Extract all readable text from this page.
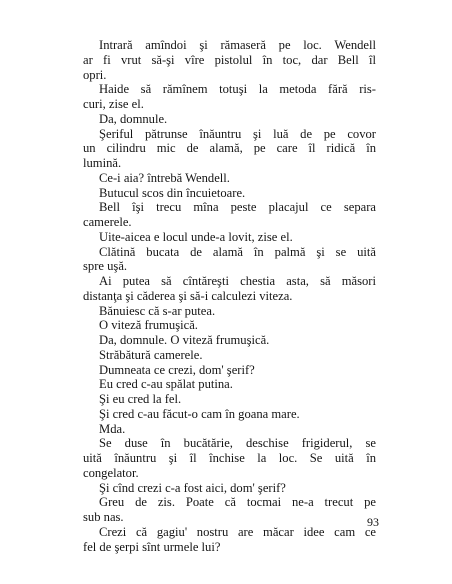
Intrară amîndoi şi rămaseră pe loc. Wendell
ar fi vrut să-şi vîre pistolul în toc, dar Bell îl
opri.
Haide să rămînem totuşi la metoda fără ris-
curi, zise el.
Da, domnule.
Şeriful pătrunse înăuntru şi luă de pe covor
un cilindru mic de alamă, pe care îl ridică în
lumină.
Ce-i aia? întrebă Wendell.
Butucul scos din încuietoare.
Bell îşi trecu mîna peste placajul ce separa
camerele.
Uite-aicea e locul unde-a lovit, zise el.
Clătină bucata de alamă în palmă şi se uită
spre uşă.
Ai putea să cîntăreşti chestia asta, să măsori
distanţa şi căderea şi să-i calculezi viteza.
Bănuiesc că s-ar putea.
O viteză frumuşică.
Da, domnule. O viteză frumuşică.
Străbătură camerele.
Dumneata ce crezi, dom' şerif?
Eu cred c-au spălat putina.
Şi eu cred la fel.
Şi cred c-au făcut-o cam în goana mare.
Mda.
Se duse în bucătărie, deschise frigiderul, se
uită înăuntru şi îl închise la loc. Se uită în
congelator.
Şi cînd crezi c-a fost aici, dom' şerif?
Greu de zis. Poate că tocmai ne-a trecut pe
sub nas.
Crezi că gagiu' nostru are măcar idee cam ce
fel de şerpi sînt urmele lui?
93
